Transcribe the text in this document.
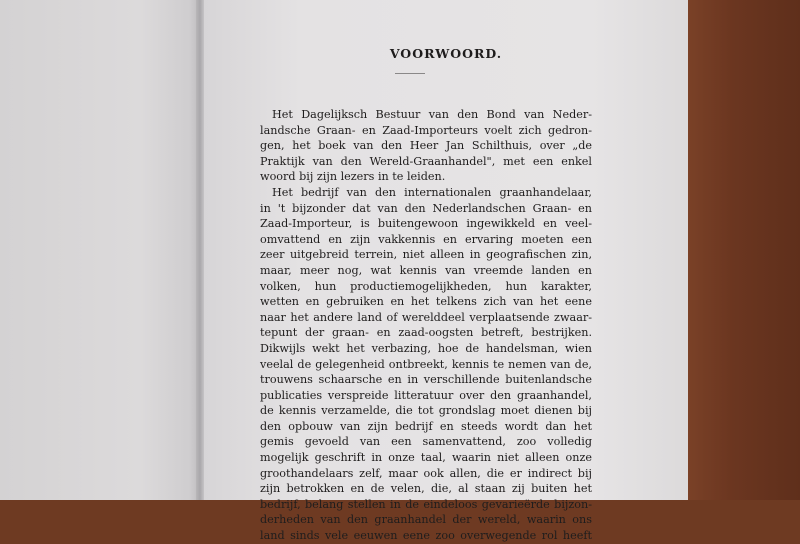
VOORWOORD.
Het Dagelijksch Bestuur van den Bond van Neder-
landsche Graan- en Zaad-Importeurs voelt zich gedron-
gen, het boek van den Heer Jan Schilthuis, over „de
Praktijk van den Wereld-Graanhandel", met een enkel
woord bij zijn lezers in te leiden.
Het bedrijf van den internationalen graanhandelaar,
in 't bijzonder dat van den Nederlandschen Graan- en
Zaad-Importeur, is buitengewoon ingewikkeld en veel-
omvattend en zijn vakkennis en ervaring moeten een
zeer uitgebreid terrein, niet alleen in geografischen zin,
maar, meer nog, wat kennis van vreemde landen en
volken, hun productiemogelijkheden, hun karakter,
wetten en gebruiken en het telkens zich van het eene
naar het andere land of werelddeel verplaatsende zwaar-
tepunt der graan- en zaad-oogsten betreft, bestrijken.
Dikwijls wekt het verbazing, hoe de handelsman, wien
veelal de gelegenheid ontbreekt, kennis te nemen van de,
trouwens schaarsche en in verschillende buitenlandsche
publicaties verspreide litteratuur over den graanhandel,
de kennis verzamelde, die tot grondslag moet dienen bij
den opbouw van zijn bedrijf en steeds wordt dan het
gemis gevoeld van een samenvattend, zoo volledig
mogelijk geschrift in onze taal, waarin niet alleen onze
groothandelaars zelf, maar ook allen, die er indirect bij
zijn betrokken en de velen, die, al staan zij buiten het
bedrijf, belang stellen in de eindeloos gevarieërde bijzon-
derheden van den graanhandel der wereld, waarin ons
land sinds vele eeuwen eene zoo overwegende rol heeft
